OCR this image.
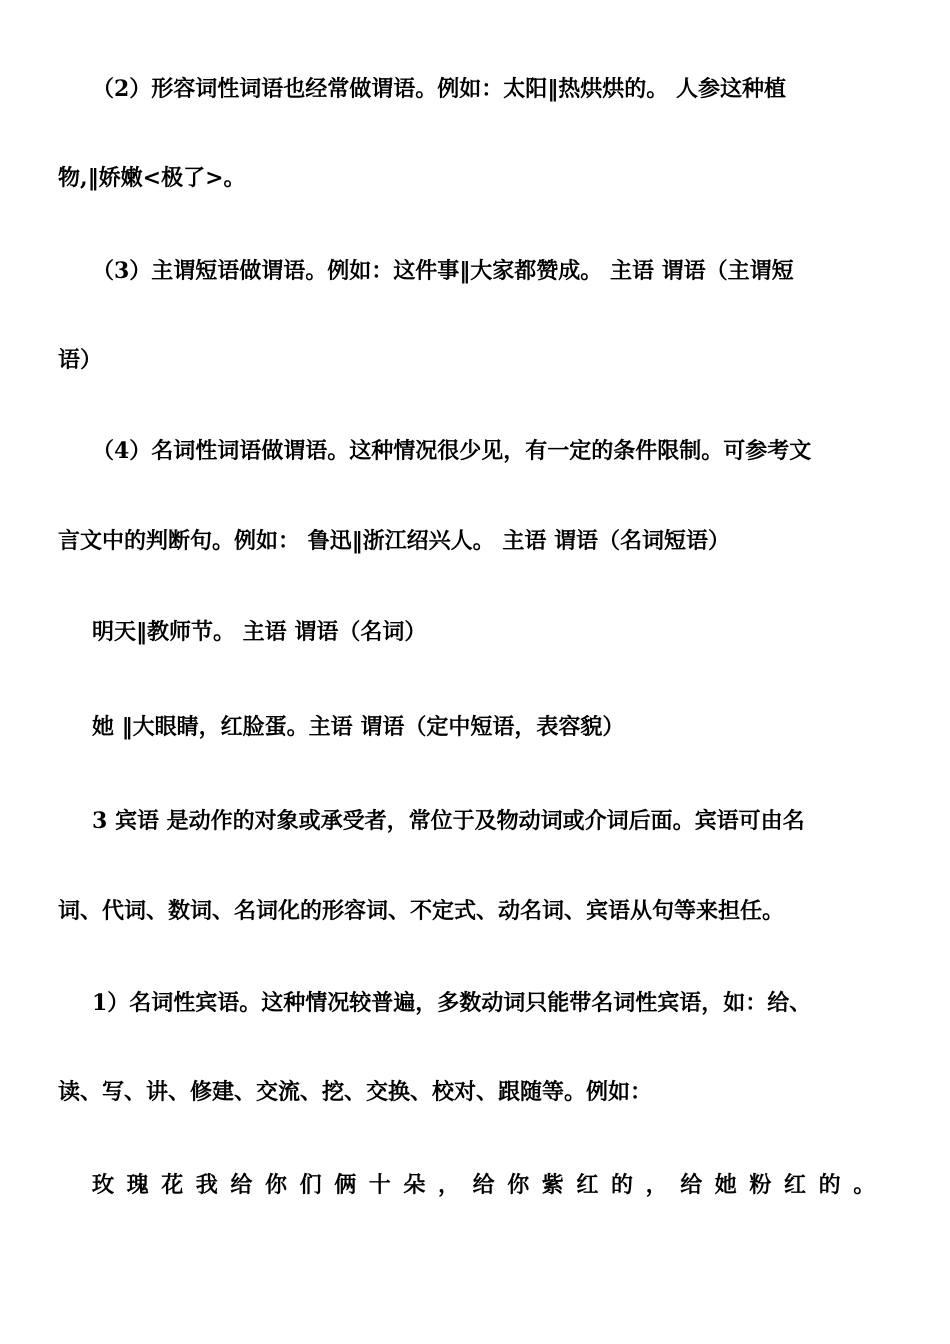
（2）形容词性词语也经常做谓语。例如：太阳‖热烘烘的。 人参这种植
物,‖娇嫩<极了>。
（3）主谓短语做谓语。例如：这件事‖大家都赞成。 主语 谓语（主谓短
语）
（4）名词性词语做谓语。这种情况很少见，有一定的条件限制。可参考文
言文中的判断句。例如： 鲁迅‖浙江绍兴人。 主语 谓语（名词短语）
明天‖教师节。 主语 谓语（名词）
她 ‖大眼睛，红脸蛋。主语 谓语（定中短语，表容貌）
3 宾语 是动作的对象或承受者，常位于及物动词或介词后面。宾语可由名
词、代词、数词、名词化的形容词、不定式、动名词、宾语从句等来担任。
1）名词性宾语。这种情况较普遍，多数动词只能带名词性宾语，如：给、
读、写、讲、修建、交流、挖、交换、校对、跟随等。例如：
玫瑰花我给你们俩十朵，给你紫红的，给她粉红的。
